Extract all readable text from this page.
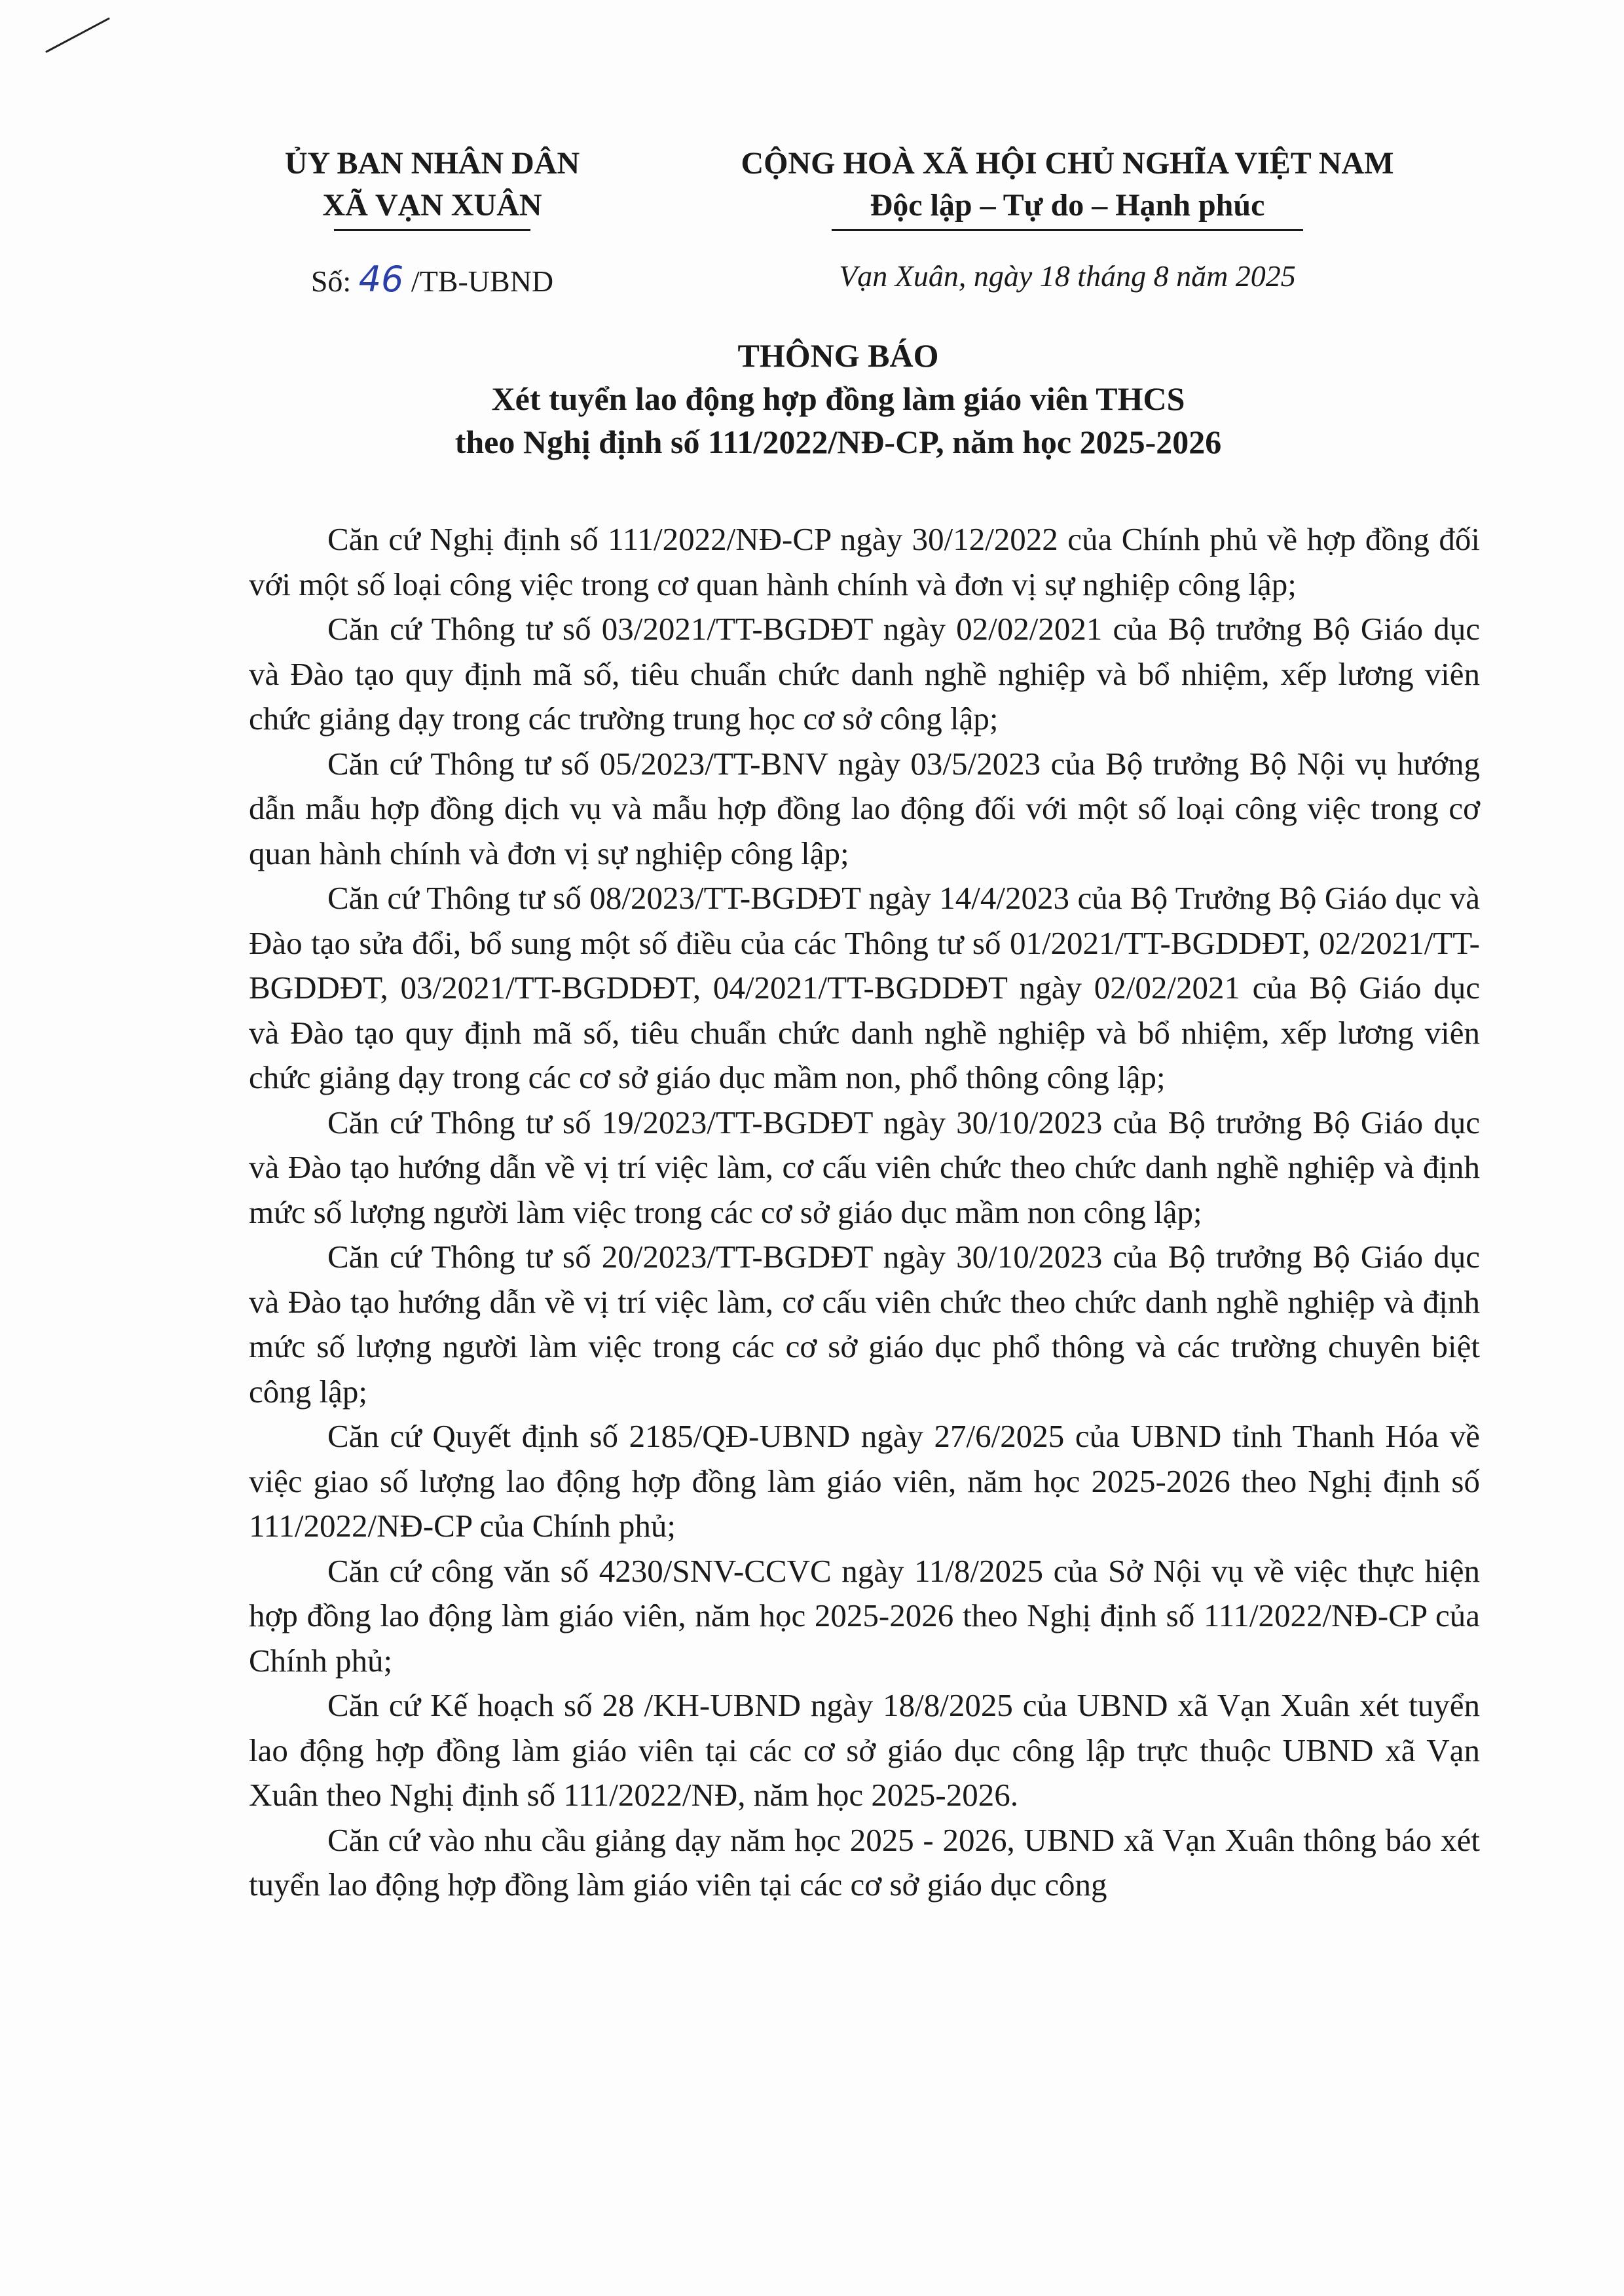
ỦY BAN NHÂN DÂN
XÃ VẠN XUÂN
CỘNG HOÀ XÃ HỘI CHỦ NGHĨA VIỆT NAM
Độc lập – Tự do – Hạnh phúc
Số: 46 /TB-UBND	Vạn Xuân, ngày 18 tháng 8 năm 2025
THÔNG BÁO
Xét tuyển lao động hợp đồng làm giáo viên THCS
theo Nghị định số 111/2022/NĐ-CP, năm học 2025-2026

Căn cứ Nghị định số 111/2022/NĐ-CP ngày 30/12/2022 của Chính phủ về hợp đồng đối với một số loại công việc trong cơ quan hành chính và đơn vị sự nghiệp công lập;

Căn cứ Thông tư số 03/2021/TT-BGDĐT ngày 02/02/2021 của Bộ trưởng Bộ Giáo dục và Đào tạo quy định mã số, tiêu chuẩn chức danh nghề nghiệp và bổ nhiệm, xếp lương viên chức giảng dạy trong các trường trung học cơ sở công lập;

Căn cứ Thông tư số 05/2023/TT-BNV ngày 03/5/2023 của Bộ trưởng Bộ Nội vụ hướng dẫn mẫu hợp đồng dịch vụ và mẫu hợp đồng lao động đối với một số loại công việc trong cơ quan hành chính và đơn vị sự nghiệp công lập;

Căn cứ Thông tư số 08/2023/TT-BGDĐT ngày 14/4/2023 của Bộ Trưởng Bộ Giáo dục và Đào tạo sửa đổi, bổ sung một số điều của các Thông tư số 01/2021/TT-BGDDĐT, 02/2021/TT-BGDDĐT, 03/2021/TT-BGDDĐT, 04/2021/TT-BGDDĐT ngày 02/02/2021 của Bộ Giáo dục và Đào tạo quy định mã số, tiêu chuẩn chức danh nghề nghiệp và bổ nhiệm, xếp lương viên chức giảng dạy trong các cơ sở giáo dục mầm non, phổ thông công lập;

Căn cứ Thông tư số 19/2023/TT-BGDĐT ngày 30/10/2023 của Bộ trưởng Bộ Giáo dục và Đào tạo hướng dẫn về vị trí việc làm, cơ cấu viên chức theo chức danh nghề nghiệp và định mức số lượng người làm việc trong các cơ sở giáo dục mầm non công lập;

Căn cứ Thông tư số 20/2023/TT-BGDĐT ngày 30/10/2023 của Bộ trưởng Bộ Giáo dục và Đào tạo hướng dẫn về vị trí việc làm, cơ cấu viên chức theo chức danh nghề nghiệp và định mức số lượng người làm việc trong các cơ sở giáo dục phổ thông và các trường chuyên biệt công lập;

Căn cứ Quyết định số 2185/QĐ-UBND ngày 27/6/2025 của UBND tỉnh Thanh Hóa về việc giao số lượng lao động hợp đồng làm giáo viên, năm học 2025-2026 theo Nghị định số 111/2022/NĐ-CP của Chính phủ;

Căn cứ công văn số 4230/SNV-CCVC ngày 11/8/2025 của Sở Nội vụ về việc thực hiện hợp đồng lao động làm giáo viên, năm học 2025-2026 theo Nghị định số 111/2022/NĐ-CP của Chính phủ;

Căn cứ Kế hoạch số 28 /KH-UBND ngày 18/8/2025 của UBND xã Vạn Xuân xét tuyển lao động hợp đồng làm giáo viên tại các cơ sở giáo dục công lập trực thuộc UBND xã Vạn Xuân theo Nghị định số 111/2022/NĐ, năm học 2025-2026.

Căn cứ vào nhu cầu giảng dạy năm học 2025 - 2026, UBND xã Vạn Xuân thông báo xét tuyển lao động hợp đồng làm giáo viên tại các cơ sở giáo dục công
